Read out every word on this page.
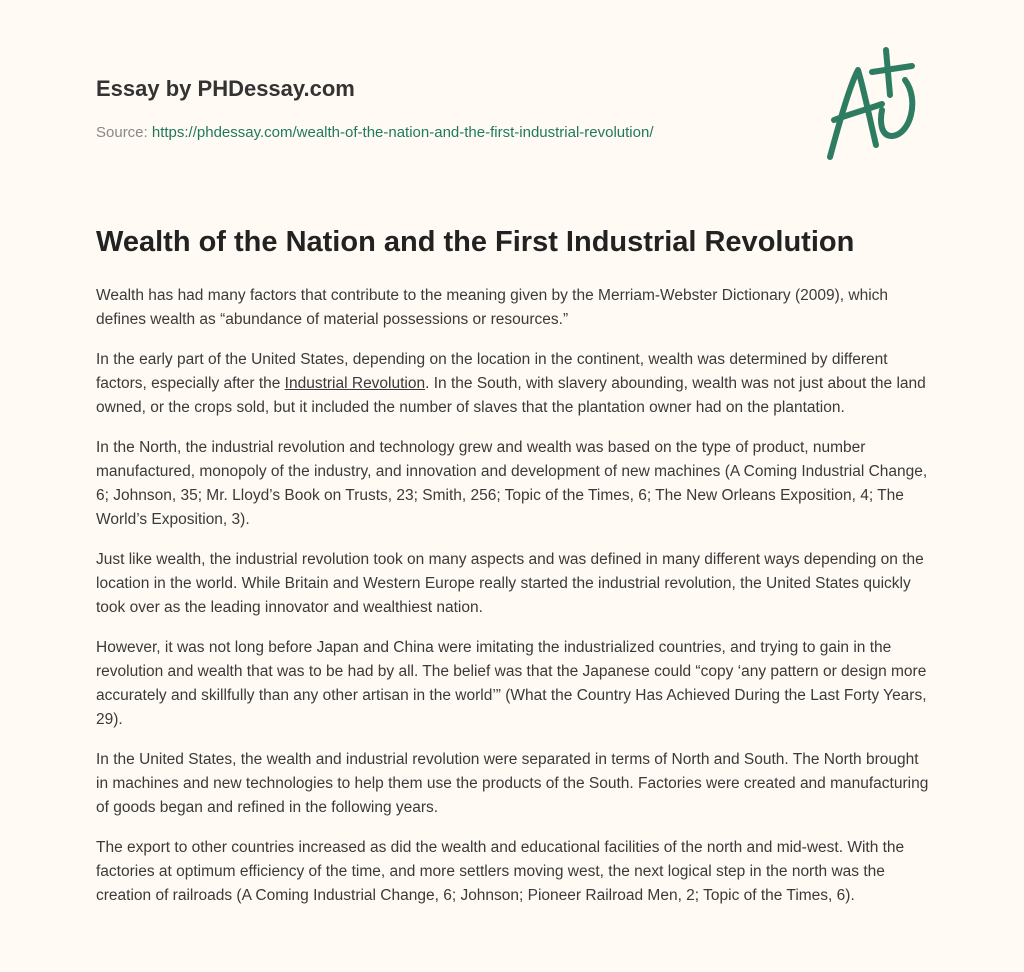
Essay by PHDessay.com
Source: https://phdessay.com/wealth-of-the-nation-and-the-first-industrial-revolution/
Wealth of the Nation and the First Industrial Revolution

Wealth has had many factors that contribute to the meaning given by the Merriam-Webster Dictionary (2009), which defines wealth as “abundance of material possessions or resources.”

In the early part of the United States, depending on the location in the continent, wealth was determined by different factors, especially after the Industrial Revolution. In the South, with slavery abounding, wealth was not just about the land owned, or the crops sold, but it included the number of slaves that the plantation owner had on the plantation.

In the North, the industrial revolution and technology grew and wealth was based on the type of product, number manufactured, monopoly of the industry, and innovation and development of new machines (A Coming Industrial Change, 6; Johnson, 35; Mr. Lloyd’s Book on Trusts, 23; Smith, 256; Topic of the Times, 6; The New Orleans Exposition, 4; The World’s Exposition, 3).

Just like wealth, the industrial revolution took on many aspects and was defined in many different ways depending on the location in the world. While Britain and Western Europe really started the industrial revolution, the United States quickly took over as the leading innovator and wealthiest nation.

However, it was not long before Japan and China were imitating the industrialized countries, and trying to gain in the revolution and wealth that was to be had by all. The belief was that the Japanese could “copy ‘any pattern or design more accurately and skillfully than any other artisan in the world’” (What the Country Has Achieved During the Last Forty Years, 29).

In the United States, the wealth and industrial revolution were separated in terms of North and South. The North brought in machines and new technologies to help them use the products of the South. Factories were created and manufacturing of goods began and refined in the following years.

The export to other countries increased as did the wealth and educational facilities of the north and mid-west. With the factories at optimum efficiency of the time, and more settlers moving west, the next logical step in the north was the creation of railroads (A Coming Industrial Change, 6; Johnson; Pioneer Railroad Men, 2; Topic of the Times, 6).
